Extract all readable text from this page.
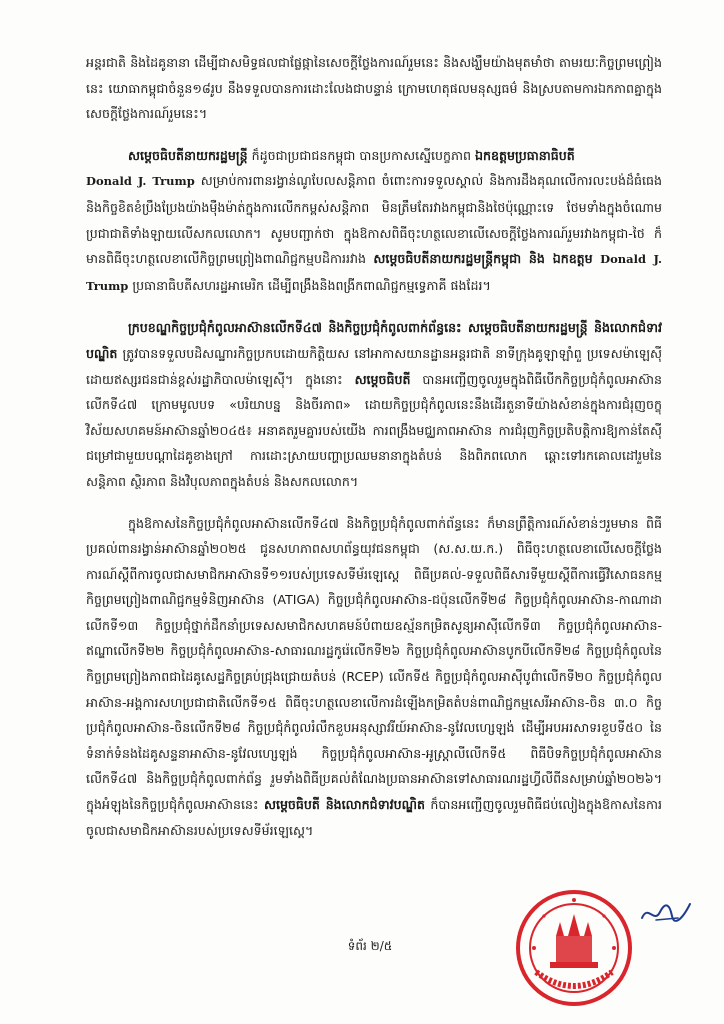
អន្តរជាតិ និងដៃគូនានា ដើម្បីជាសមិទ្ធផលជាផ្លែផ្កានៃសេចក្តីថ្លែងការណ៍រួមនេះ និងសង្ឃឹមយ៉ាងមុតមាំថា តាមរយៈកិច្ចព្រមព្រៀងនេះ យោធាកម្ពុជាចំនួន១៨រូប នឹងទទួលបានការដោះលែងជាបន្ទាន់ ក្រោមហេតុផលមនុស្សធម៌ និងស្របតាមការឯកភាពគ្នាក្នុងសេចក្តីថ្លែងការណ៍រួមនេះ។

សម្តេចធិបតីនាយករដ្ឋមន្ត្រី ក៏ដូចជាប្រជាជនកម្ពុជា បានប្រកាសស្នើបេក្ខភាព ឯកឧត្តមប្រធានាធិបតី
Donald J. Trump សម្រាប់ការពានរង្វាន់ណូបែលសន្តិភាព ចំពោះការទទួលស្គាល់ និងការដឹងគុណលើការលះបង់ដ៏ធំធេង និងកិច្ចខិតខំប្រឹងប្រែងយ៉ាងម៉ឺងម៉ាត់ក្នុងការលើកកម្ពស់សន្តិភាព មិនត្រឹមតែរវាងកម្ពុជានិងថៃប៉ុណ្ណោះទេ ថែមទាំងក្នុងចំណោមប្រជាជាតិទាំងឡាយលើសកលលោក។ សូមបញ្ជាក់ថា ក្នុងឱកាសពិធីចុះហត្ថលេខាលើសេចក្តីថ្លែងការណ៍រួមរវាងកម្ពុជា-ថៃ ក៏មានពិធីចុះហត្ថលេខាលើកិច្ចព្រមព្រៀងពាណិជ្ជកម្មបដិការរវាង សម្តេចធិបតីនាយករដ្ឋមន្ត្រីកម្ពុជា និង ឯកឧត្តម Donald J. Trump ប្រធានាធិបតីសហរដ្ឋអាមេរិក ដើម្បីពង្រឹងនិងពង្រីកពាណិជ្ជកម្មទ្វេភាគី ផងដែរ។

ក្របខណ្ឌកិច្ចប្រជុំកំពូលអាស៊ានលើកទី៤៧ និងកិច្ចប្រជុំកំពូលពាក់ព័ន្ធនេះ សម្តេចធិបតីនាយករដ្ឋមន្ត្រី និងលោកជំទាវបណ្ឌិត ត្រូវបានទទួលបដិសណ្ឋារកិច្ចប្រកបដោយកិត្តិយស នៅអាកាសយានដ្ឋានអន្តរជាតិ នាទីក្រុងគូឡាឡាំពួ ប្រទេសម៉ាឡេស៊ី ដោយឥស្សរជនជាន់ខ្ពស់រដ្ឋាភិបាលម៉ាឡេស៊ី។ ក្នុងនោះ សម្តេចធិបតី បានអញ្ជើញចូលរួមក្នុងពិធីបើកកិច្ចប្រជុំកំពូលអាស៊ានលើកទី៤៧ ក្រោមមូលបទ «បរិយាបន្ន និងចីរភាព» ដោយកិច្ចប្រជុំកំពូលនេះនឹងដើរតួនាទីយ៉ាងសំខាន់ក្នុងការជំរុញចក្ខុវិស័យសហគមន៍អាស៊ានឆ្នាំ២០៤៥៖ អនាគតរួមគ្នារបស់យើង ការពង្រឹងមជ្ឈភាពអាស៊ាន ការជំរុញកិច្ចប្រតិបត្តិការឱ្យកាន់តែស៊ីជម្រៅជាមួយបណ្តាដៃគូខាងក្រៅ ការដោះស្រាយបញ្ហាប្រឈមនានាក្នុងតំបន់ និងពិភពលោក ឆ្ពោះទៅរកគោលដៅរួមនៃសន្តិភាព ស្ថិរភាព និងវិបុលភាពក្នុងតំបន់ និងសកលលោក។

ក្នុងឱកាសនៃកិច្ចប្រជុំកំពូលអាស៊ានលើកទី៤៧ និងកិច្ចប្រជុំកំពូលពាក់ព័ន្ធនេះ ក៏មានព្រឹត្តិការណ៍សំខាន់ៗរួមមាន ពិធីប្រគល់ពានរង្វាន់អាស៊ានឆ្នាំ២០២៥ ជូនសហភាពសហព័ន្ធយុវជនកម្ពុជា (ស.ស.យ.ក.) ពិធីចុះហត្ថលេខាលើសេចក្តីថ្លែងការណ៍ស្តីពីការចូលជាសមាជិកអាស៊ានទី១១របស់ប្រទេសទីម័រឡេស្តេ ពិធីប្រគល់-ទទួលពិធីសារទីមួយស្តីពីការធ្វើវិសោធនកម្មកិច្ចព្រមព្រៀងពាណិជ្ជកម្មទំនិញអាស៊ាន (ATIGA) កិច្ចប្រជុំកំពូលអាស៊ាន-ជប៉ុនលើកទី២៨ កិច្ចប្រជុំកំពូលអាស៊ាន-កាណាដាលើកទី១៣ កិច្ចប្រជុំថ្នាក់ដឹកនាំប្រទេសសមាជិកសហគមន៍បំពាយឧស្ម័នកម្រិតសូន្យអាស៊ីលើកទី៣ កិច្ចប្រជុំកំពូលអាស៊ាន-ឥណ្ឌាលើកទី២២ កិច្ចប្រជុំកំពូលអាស៊ាន-សាធារណរដ្ឋកូរ៉េលើកទី២៦ កិច្ចប្រជុំកំពូលអាស៊ានបូកបីលើកទី២៨ កិច្ចប្រជុំកំពូលនៃកិច្ចព្រមព្រៀងភាពជាដៃគូសេដ្ឋកិច្ចគ្រប់ជ្រុងជ្រោយតំបន់ (RCEP) លើកទី៥ កិច្ចប្រជុំកំពូលអាស៊ីបូព៌ាលើកទី២០ កិច្ចប្រជុំកំពូលអាស៊ាន-អង្គការសហប្រជាជាតិលើកទី១៥ ពិធីចុះហត្ថលេខាលើការដំឡើងកម្រិតតំបន់ពាណិជ្ជកម្មសេរីអាស៊ាន-ចិន ៣.០ កិច្ចប្រជុំកំពូលអាស៊ាន-ចិនលើកទី២៨ កិច្ចប្រជុំកំពូលរំលឹកខួបអនុស្សាវរីយ៍អាស៊ាន-នូវែលហ្សេឡង់ ដើម្បីអបអរសាទរខួបទី៥០ នៃទំនាក់ទំនងដៃគូសន្ទនាអាស៊ាន-នូវែលហ្សេឡង់ កិច្ចប្រជុំកំពូលអាស៊ាន-អូស្ត្រាលីលើកទី៥ ពិធីបិទកិច្ចប្រជុំកំពូលអាស៊ានលើកទី៤៧ និងកិច្ចប្រជុំកំពូលពាក់ព័ន្ធ រួមទាំងពិធីប្រគល់តំណែងប្រធានអាស៊ានទៅសាធារណរដ្ឋហ្វីលីពីនសម្រាប់ឆ្នាំ២០២៦។ ក្នុងអំឡុងនៃកិច្ចប្រជុំកំពូលអាស៊ាននេះ សម្តេចធិបតី និងលោកជំទាវបណ្ឌិត ក៏បានអញ្ជើញចូលរួមពិធីជប់លៀងក្នុងឱកាសនៃការចូលជាសមាជិកអាស៊ានរបស់ប្រទេសទីម័រឡេស្តេ។

ទំព័រ ២/៥
